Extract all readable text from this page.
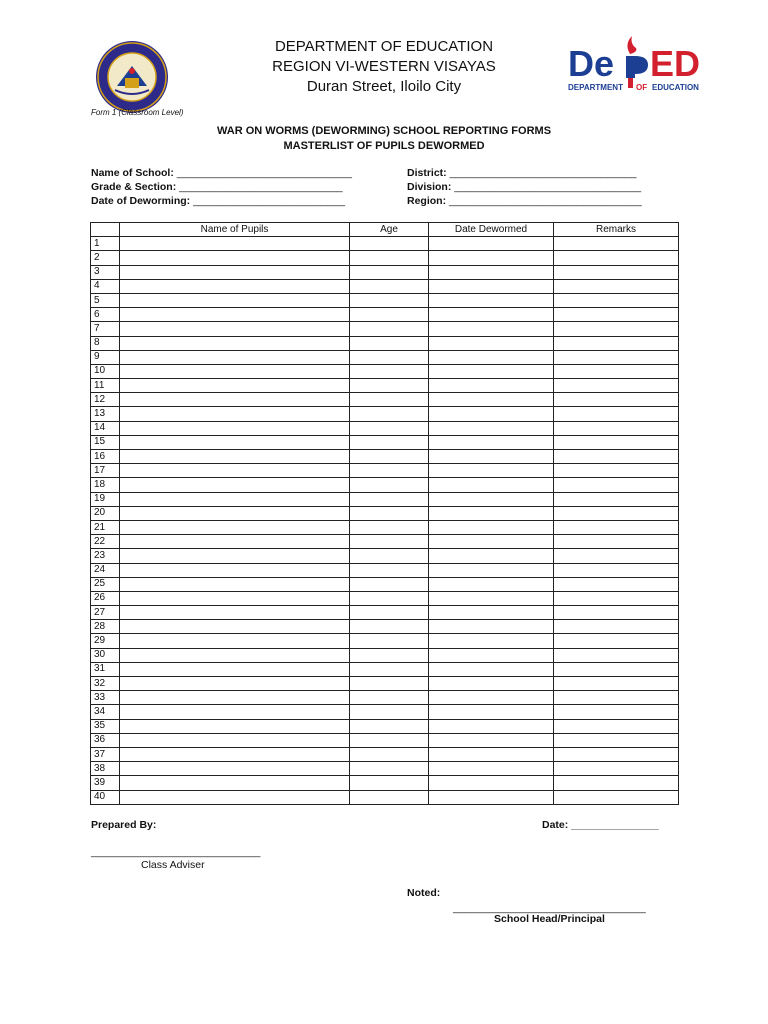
De ED
DEPARTMENT OF EDUCATION
DEPARTMENT OF EDUCATION
REGION VI-WESTERN VISAYAS
Duran Street, Iloilo City
Form 1 (Classroom Level)
WAR ON WORMS (DEWORMING) SCHOOL REPORTING FORMS
MASTERLIST OF PUPILS DEWORMED
Name of School: ______________________________
Grade & Section: ____________________________
Date of Deworming: __________________________
District: ________________________________
Division: ________________________________
Region: _________________________________
	Name of Pupils	Age	Date Dewormed	Remarks
1				
2				
3				
4				
5				
6				
7				
8				
9				
10				
11				
12				
13				
14				
15				
16				
17				
18				
19				
20				
21				
22				
23				
24				
25				
26				
27				
28				
29				
30				
31				
32				
33				
34				
35				
36				
37				
38				
39				
40				
Prepared By:	Date: _______________
_____________________________
Class Adviser
Noted:
_________________________________
School Head/Principal
